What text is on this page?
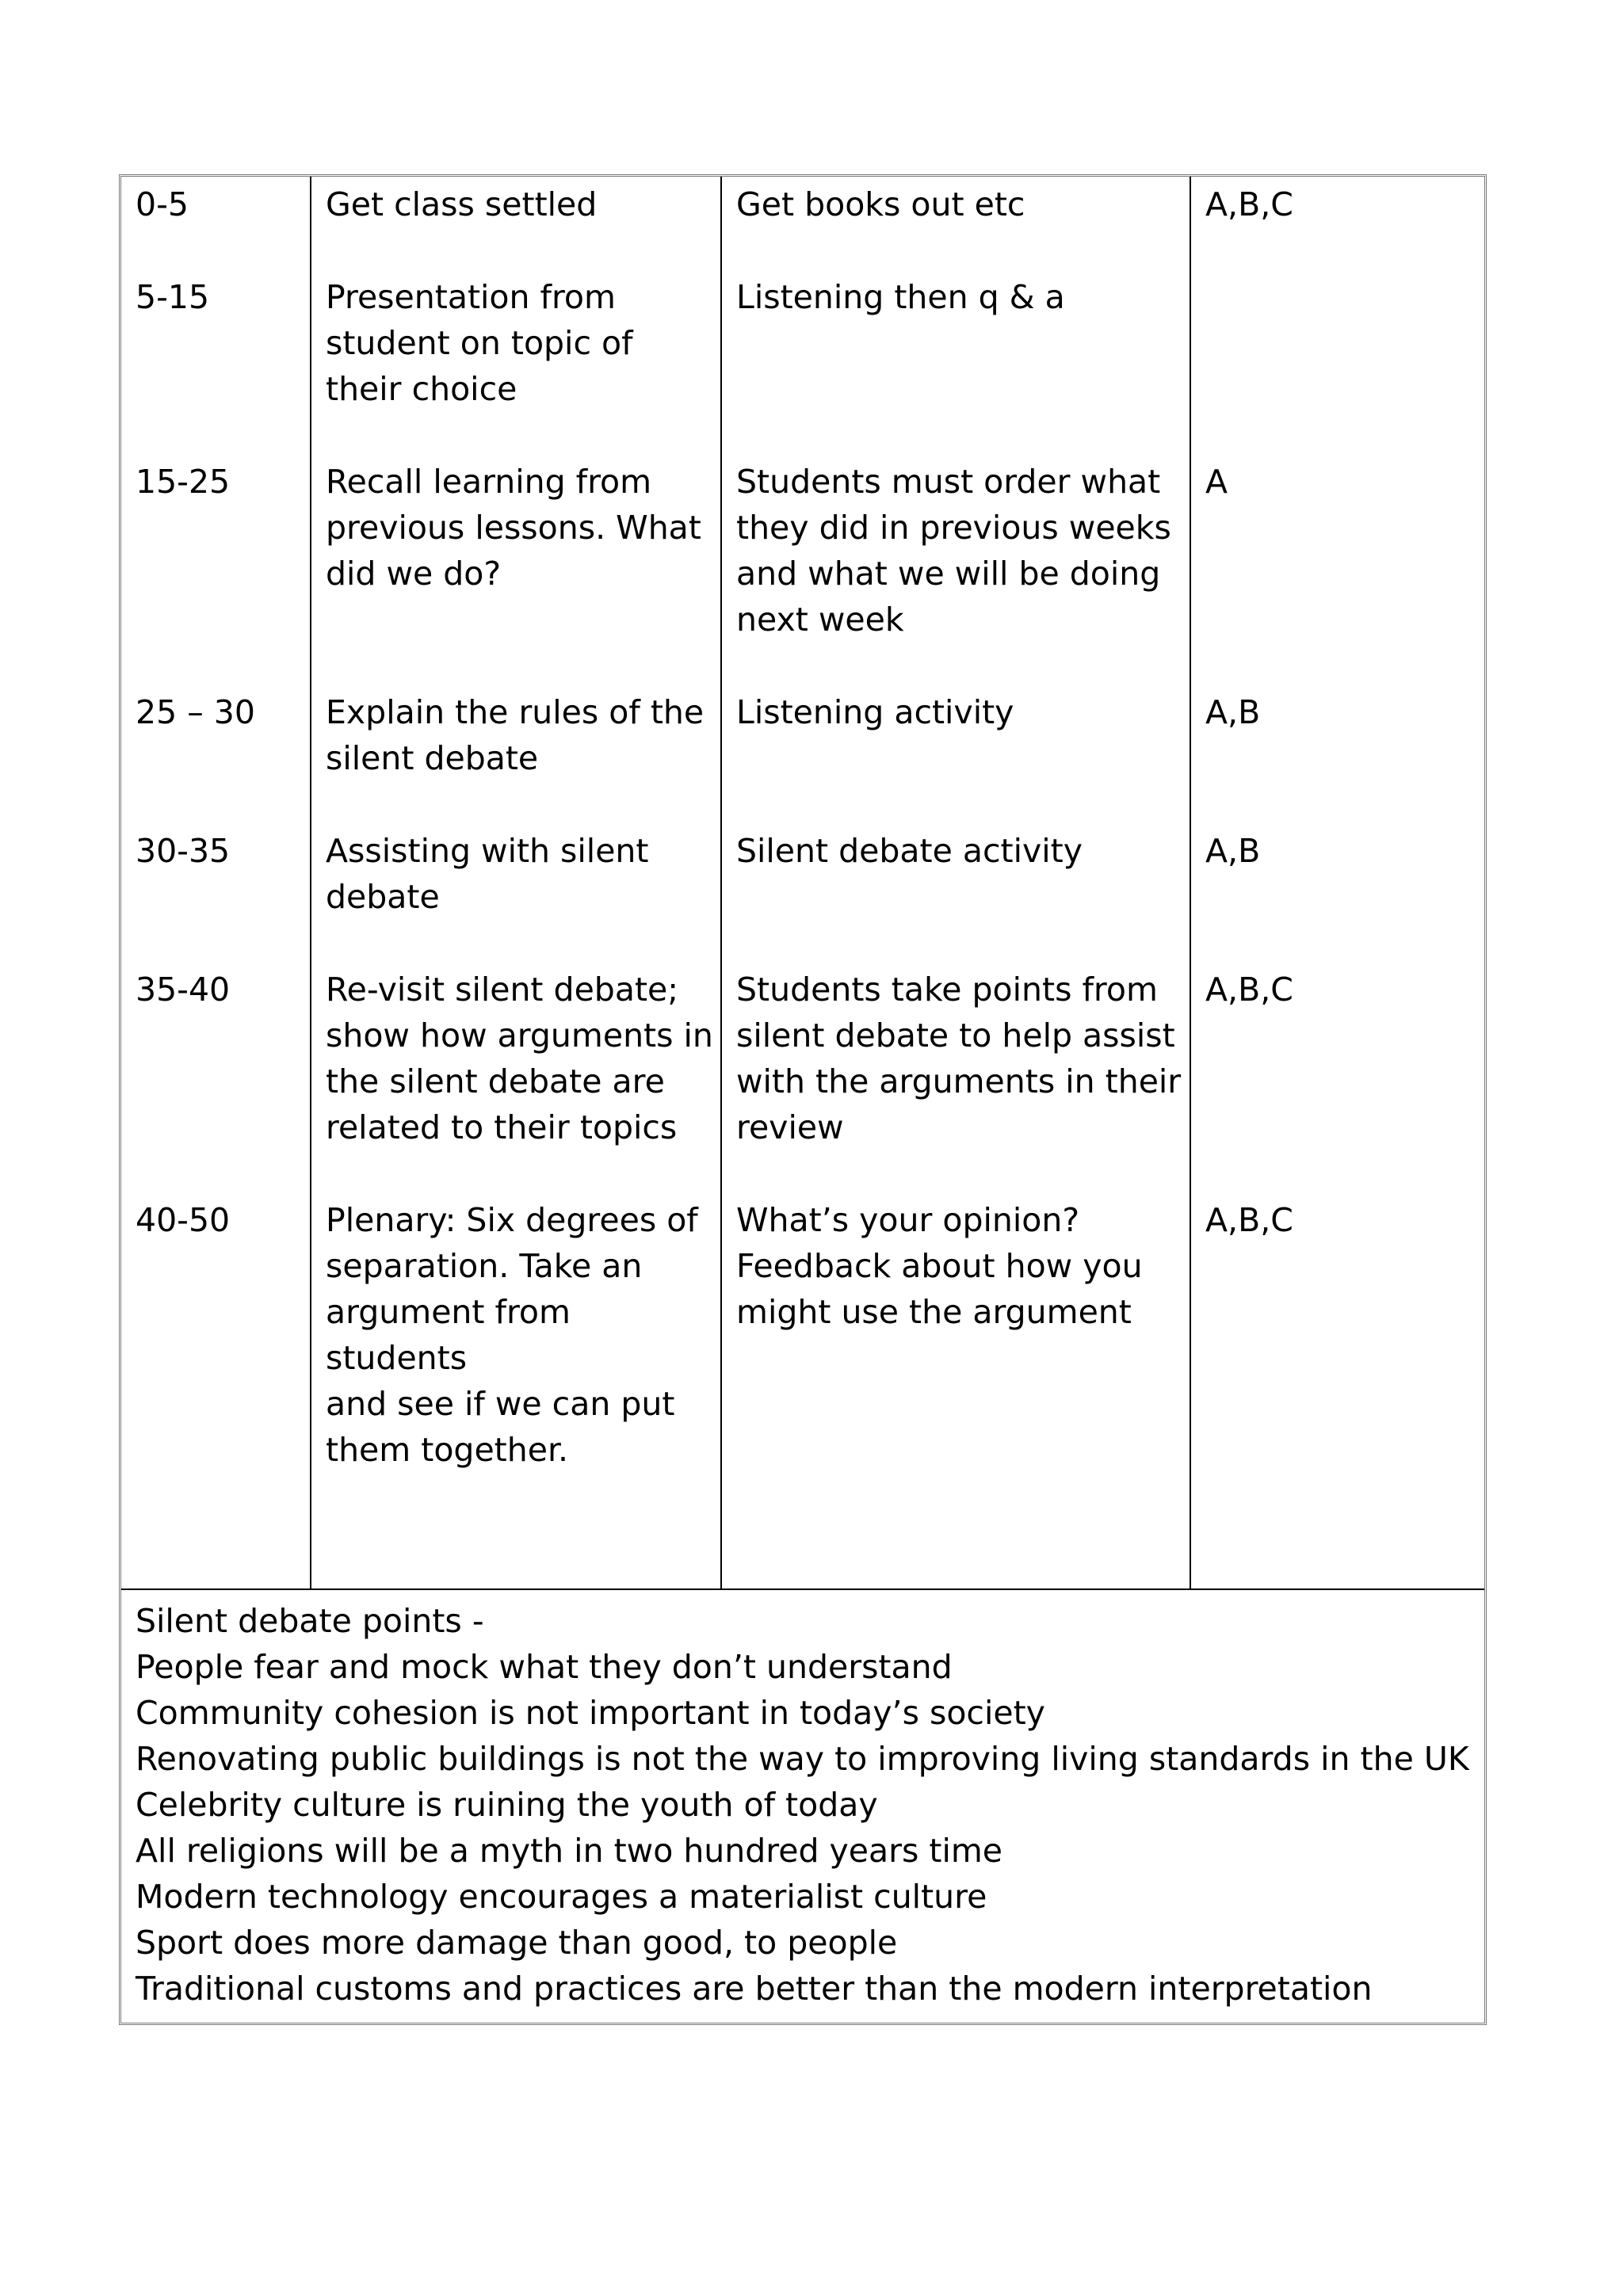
0-5
5-15
15-25
25 – 30
30-35
35-40
40-50
Get class settled
Presentation from
student on topic of
their choice
Recall learning from
previous lessons. What
did we do?
Explain the rules of the
silent debate
Assisting with silent
debate
Re-visit silent debate;
show how arguments in
the silent debate are
related to their topics
Plenary: Six degrees of
separation. Take an
argument from students
and see if we can put
them together.
Get books out etc
Listening then q & a
Students must order what
they did in previous weeks
and what we will be doing
next week
Listening activity
Silent debate activity
Students take points from
silent debate to help assist
with the arguments in their
review
What’s your opinion?
Feedback about how you
might use the argument
A,B,C
A
A,B
A,B
A,B,C
A,B,C
Silent debate points -
People fear and mock what they don’t understand
Community cohesion is not important in today’s society
Renovating public buildings is not the way to improving living standards in the UK
Celebrity culture is ruining the youth of today
All religions will be a myth in two hundred years time
Modern technology encourages a materialist culture
Sport does more damage than good, to people
Traditional customs and practices are better than the modern interpretation
